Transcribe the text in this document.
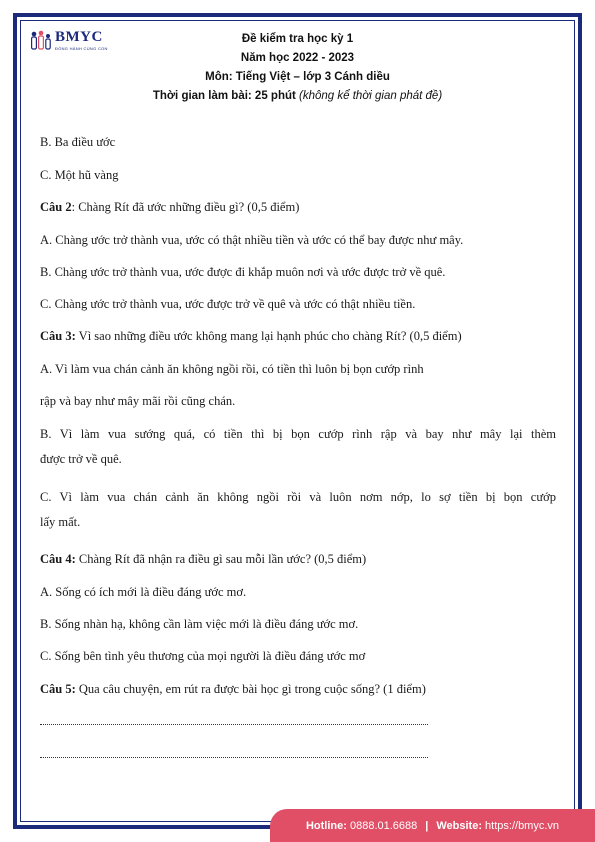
BMYC
ĐỒNG HÀNH CÙNG CON
Đề kiểm tra học kỳ 1
Năm học 2022 - 2023
Môn: Tiếng Việt – lớp 3 Cánh diều
Thời gian làm bài: 25 phút (không kể thời gian phát đề)
B. Ba điều ước
C. Một hũ vàng
Câu 2: Chàng Rít đã ước những điều gì? (0,5 điểm)
A. Chàng ước trở thành vua, ước có thật nhiều tiền và ước có thể bay được như mây.
B. Chàng ước trở thành vua, ước được đi khắp muôn nơi và ước được trở về quê.
C. Chàng ước trở thành vua, ước được trở về quê và ước có thật nhiều tiền.
Câu 3: Vì sao những điều ước không mang lại hạnh phúc cho chàng Rít? (0,5 điểm)
A. Vì làm vua chán cảnh ăn không ngồi rồi, có tiền thì luôn bị bọn cướp rình
rập và bay như mây mãi rồi cũng chán.
B. Vì làm vua sướng quá, có tiền thì bị bọn cướp rình rập và bay như mây lại thèm
được trở về quê.
C. Vì làm vua chán cảnh ăn không ngồi rồi và luôn nơm nớp, lo sợ tiền bị bọn cướp
lấy mất.
Câu 4: Chàng Rít đã nhận ra điều gì sau mỗi lần ước? (0,5 điểm)
A. Sống có ích mới là điều đáng ước mơ.
B. Sống nhàn hạ, không cần làm việc mới là điều đáng ước mơ.
C. Sống bên tình yêu thương của mọi người là điều đáng ước mơ
Câu 5: Qua câu chuyện, em rút ra được bài học gì trong cuộc sống? (1 điểm)
Hotline:
0888.01.6688 | Website:
https://bmyc.vn
